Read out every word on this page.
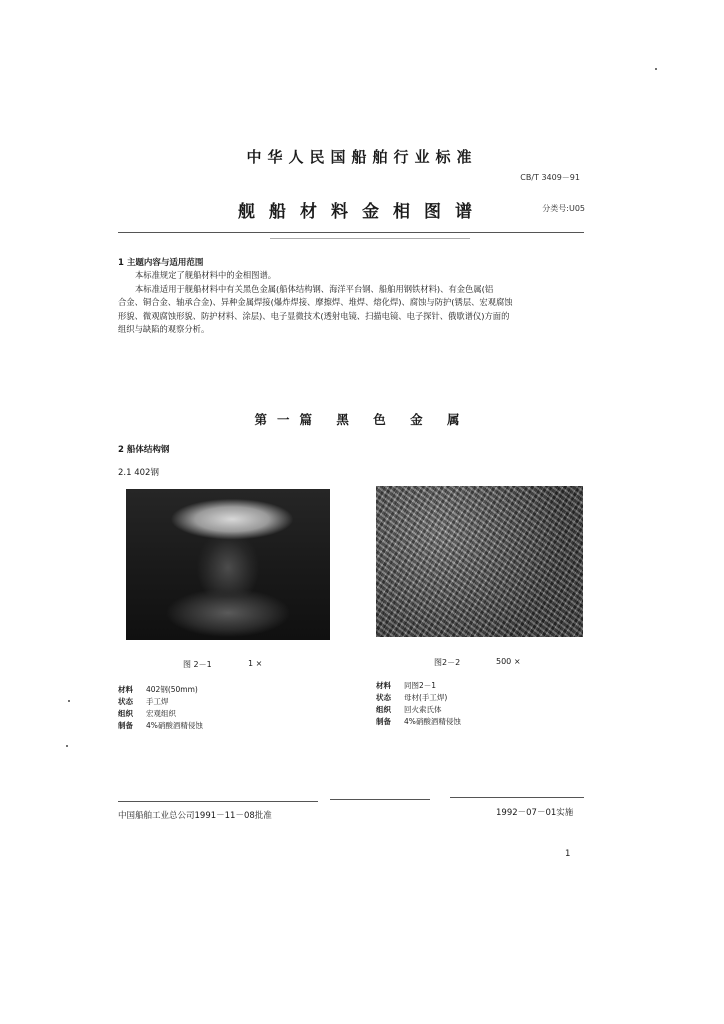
中华人民国船舶行业标准
CB/T 3409－91
舰船材料金相图谱	分类号:U05
1 主题内容与适用范围

本标准规定了舰船材料中的金相图谱。

本标准适用于舰船材料中有关黑色金属(船体结构钢、海洋平台钢、船舶用钢铁材料)、有金色属(铝

合金、铜合金、轴承合金)、异种金属焊接(爆炸焊接、摩擦焊、堆焊、熔化焊)、腐蚀与防护(锈层、宏观腐蚀

形貌、微观腐蚀形貌、防护材料、涂层)、电子显微技术(透射电镜、扫描电镜、电子探针、俄歇谱仪)方面的

组织与缺陷的观察分析。

第一篇 黑 色 金 属
2 船体结构钢
2.1 402钢
图 2－1	1 ×	图2－2	500 ×
材料	402钢(50mm)
状态	手工焊
组织	宏观组织
制备	4%硝酸酒精侵蚀
材料	同图2－1
状态	母材(手工焊)
组织	回火索氏体
制备	4%硝酸酒精侵蚀
中国船舶工业总公司1991－11－08批准	1992－07－01实施
1
